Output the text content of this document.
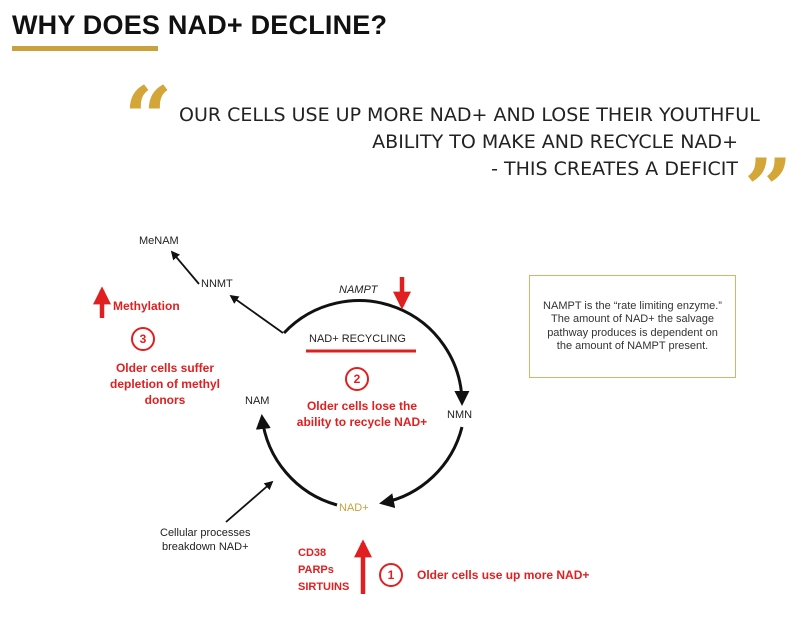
WHY DOES NAD+ DECLINE?
“ OUR CELLS USE UP MORE NAD+ AND LOSE THEIR YOUTHFUL
ABILITY TO MAKE AND RECYCLE NAD+
- THIS CREATES A DEFICIT ”
MeNAM
NNMT	NAMPT
NAD+ RECYCLING
NAM
NMN
NAD+
Cellular processes
breakdown NAD+
Methylation
3
Older cells suffer
depletion of methyl
donors
2
Older cells lose the
ability to recycle NAD+
CD38
PARPs
SIRTUINS
1	Older cells use up more NAD+
NAMPT is the “rate limiting enzyme.” The amount of NAD+ the salvage pathway produces is dependent on the amount of NAMPT present.
